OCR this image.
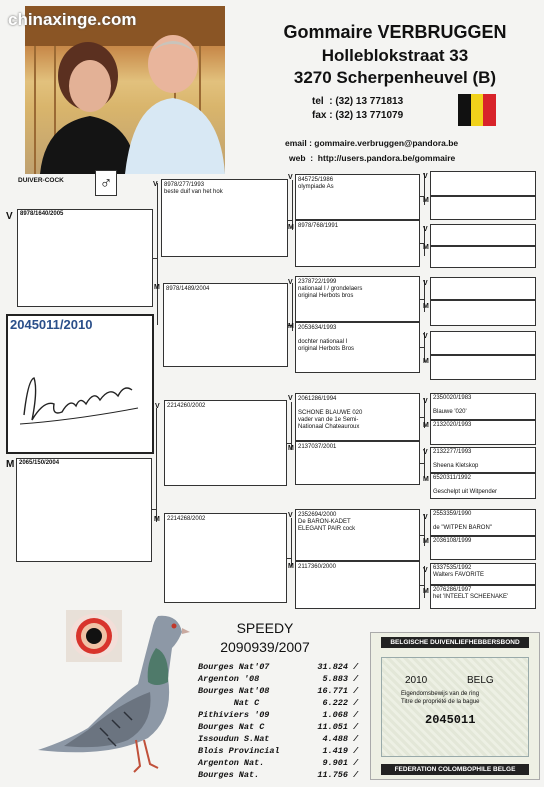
chinaxinge.com
Gommaire VERBRUGGEN
Holleblokstraat 33
3270 Scherpenheuvel (B)
tel  : (32) 13 771813
fax : (32) 13 771079
email : gommaire.verbruggen@pandora.be
web  :  http://users.pandora.be/gommaire
DUIVER-COCK ♂
V	8978/1640/2005
2045011/2010
M 2065/150/2004
V	8978/277/1993
beste duif van het hok
M	8978/1489/2004
V	2214260/2002
M	2214268/2002
V 845725/1986
olympiade As
M 8978/768/1991
V 2378722/1999
nationaal I / grondelaers
original Herbots bros
M 2053634/1993

dochter nationaal I
original Herbots Bros
V 2061286/1994

SCHONE BLAUWE 020
vader van de 1e Semi-
Nationaal Chateauroux
M 2137037/2001
V 2352694/2000
De BARON-KADET
ELEGANT PAIR cock
M 2117360/2000
V
M
V
M
V
M
V
M
V 2350020/1983

Blauwe '020'
M 2132020/1993
V 2132277/1993

Sheena Kletskop
M 6520311/1992

Geschelpt uit Witpender
V 2553359/1990

de "WITPEN BARON"
M 2036108/1999
V 6337535/1992
Walters FAVORITE
M 2076286/1997
het 'INTEELT SCHEENAKE'
SPEEDY
2090939/2007
Bourges Nat'07	31.824 /
Argenton '08	5.883 /
Bourges Nat'08	16.771 /
Nat C	6.222 /
Pithiviers '09	1.068 /
Bourges Nat C	11.051 /
Issoudun S.Nat	4.488 /
Blois Provincial	1.419 /
Argenton Nat.	9.901 /
Bourges Nat.	11.756 /
BELGISCHE DUIVENLIEFHEBBERSBOND
2010	BELG
Eigendomsbewijs van de ring
Titre de propriété de la bague
2045011
FEDERATION COLOMBOPHILE BELGE
